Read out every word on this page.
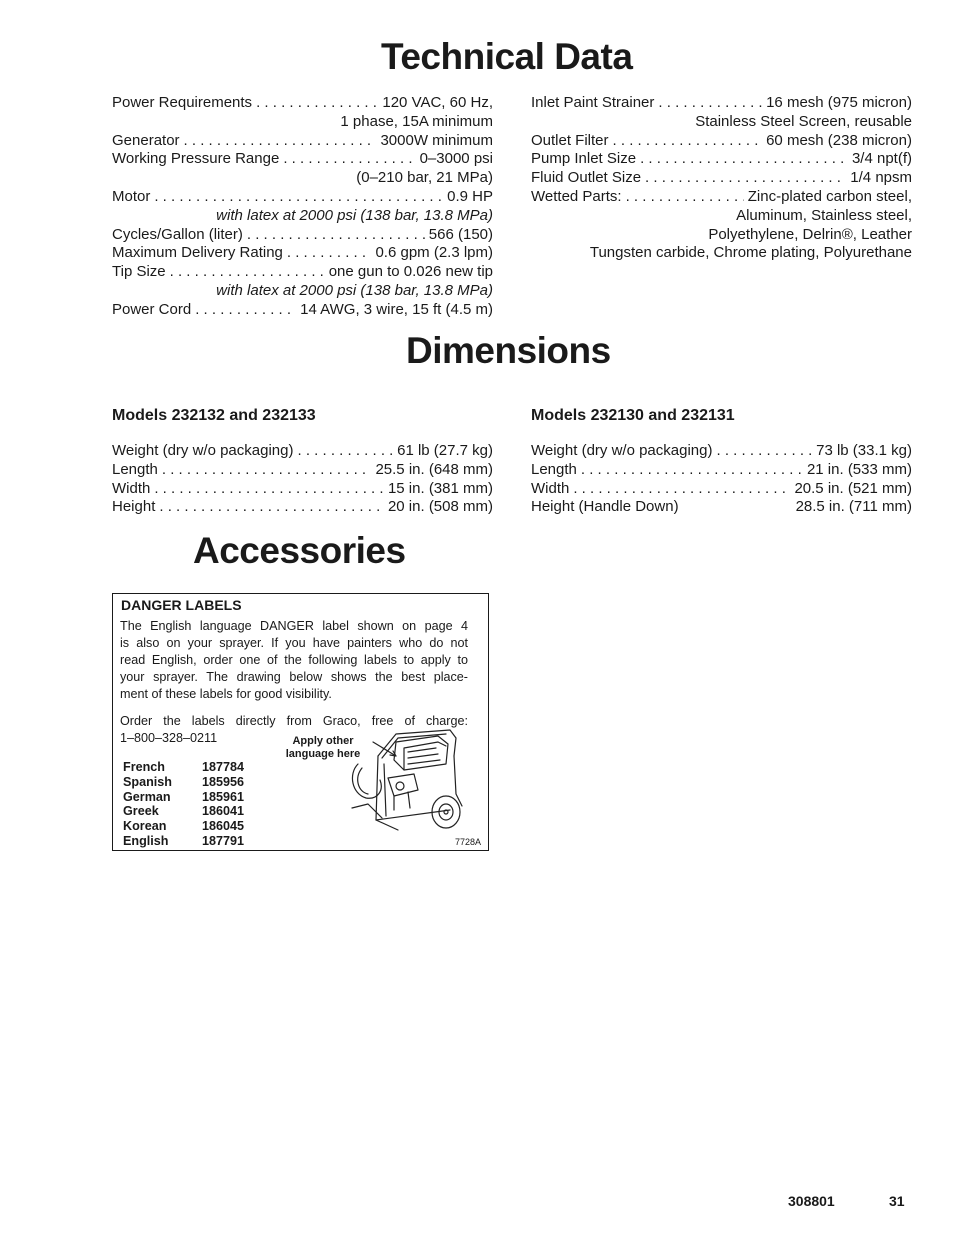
Technical Data
Power Requirements . . .	120 VAC, 60 Hz,
1 phase, 15A minimum
Generator . . .	3000W minimum
Working Pressure Range . . .	0–3000 psi
(0–210 bar, 21 MPa)
Motor . . .	0.9 HP
with latex at 2000 psi (138 bar, 13.8 MPa)
Cycles/Gallon (liter) . . .	566 (150)
Maximum Delivery Rating . . .	0.6 gpm (2.3 lpm)
Tip Size . . .	one gun to 0.026 new tip
with latex at 2000 psi (138 bar, 13.8 MPa)
Power Cord . . .	14 AWG, 3 wire, 15 ft (4.5 m)
Inlet Paint Strainer . . .	16 mesh (975 micron)
Stainless Steel Screen, reusable
Outlet Filter . . .	60 mesh (238 micron)
Pump Inlet Size . . .	3/4 npt(f)
Fluid Outlet Size . . .	1/4 npsm
Wetted Parts: . . .	Zinc-plated carbon steel,
Aluminum, Stainless steel,
Polyethylene, Delrin®, Leather
Tungsten carbide, Chrome plating, Polyurethane
Dimensions
Models 232132 and 232133
Weight (dry w/o packaging) . . .	61 lb (27.7 kg)
Length . . .	25.5 in. (648 mm)
Width . . .	15 in. (381 mm)
Height . . .	20 in. (508 mm)
Models 232130 and 232131
Weight (dry w/o packaging) . . .	73 lb (33.1 kg)
Length . . .	21 in. (533 mm)
Width . . .	20.5 in. (521 mm)
Height (Handle Down)	28.5 in. (711 mm)
Accessories
DANGER LABELS
The English language DANGER label shown on page 4
is also on your sprayer. If you have painters who do not
read English, order one of the following labels to apply to
your sprayer. The drawing below shows the best place-
ment of these labels for good visibility.
Order the labels directly from Graco, free of charge:
1–800–328–0211
French	187784
Spanish	185956
German	185961
Greek	186041
Korean	186045
English	187791
Apply other language here
7728A
308801	31
